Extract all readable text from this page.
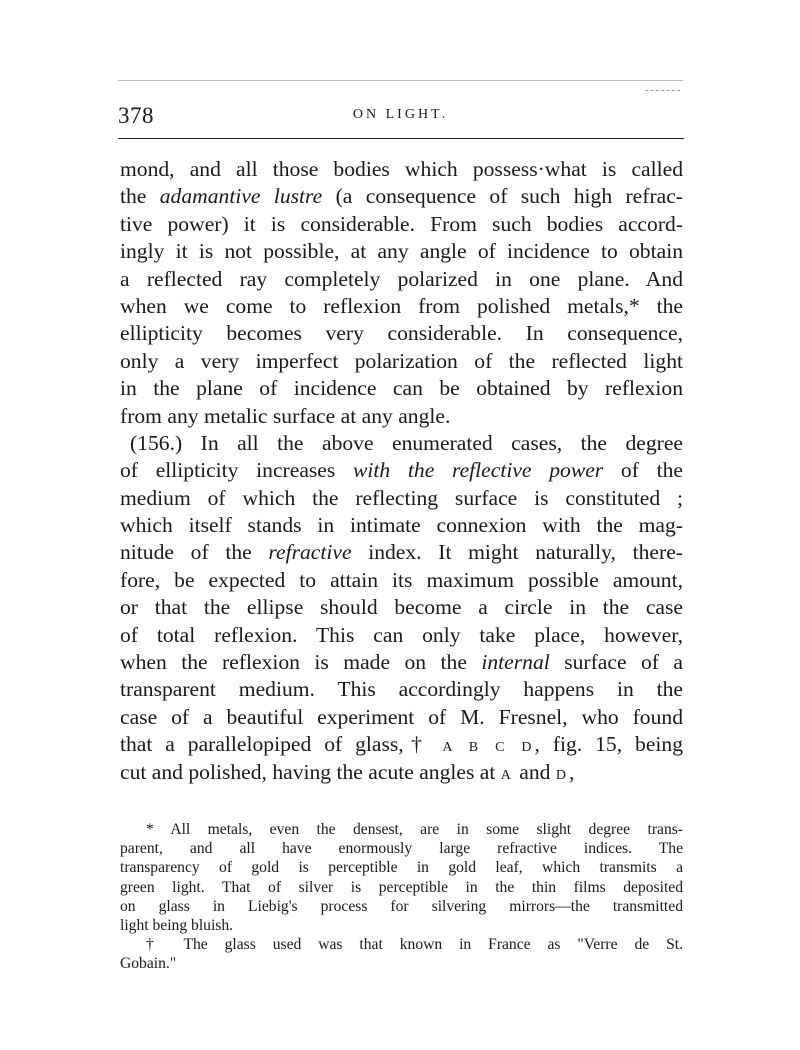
378	ON LIGHT.
mond, and all those bodies which possess·what is called
the adamantive lustre (a consequence of such high refrac-
tive power) it is considerable. From such bodies accord-
ingly it is not possible, at any angle of incidence to obtain
a reflected ray completely polarized in one plane. And
when we come to reflexion from polished metals,* the
ellipticity becomes very considerable. In consequence,
only a very imperfect polarization of the reflected light
in the plane of incidence can be obtained by reflexion
from any metalic surface at any angle.
(156.) In all the above enumerated cases, the degree
of ellipticity increases with the reflective power of the
medium of which the reflecting surface is constituted ;
which itself stands in intimate connexion with the mag-
nitude of the refractive index. It might naturally, there-
fore, be expected to attain its maximum possible amount,
or that the ellipse should become a circle in the case
of total reflexion. This can only take place, however,
when the reflexion is made on the internal surface of a
transparent medium. This accordingly happens in the
case of a beautiful experiment of M. Fresnel, who found
that a parallelopiped of glass,† A B C D, fig. 15, being
cut and polished, having the acute angles at A and D,
* All metals, even the densest, are in some slight degree trans-
parent, and all have enormously large refractive indices. The
transparency of gold is perceptible in gold leaf, which transmits a
green light. That of silver is perceptible in the thin films deposited
on glass in Liebig's process for silvering mirrors—the transmitted
light being bluish.
† The glass used was that known in France as "Verre de St.
Gobain."
